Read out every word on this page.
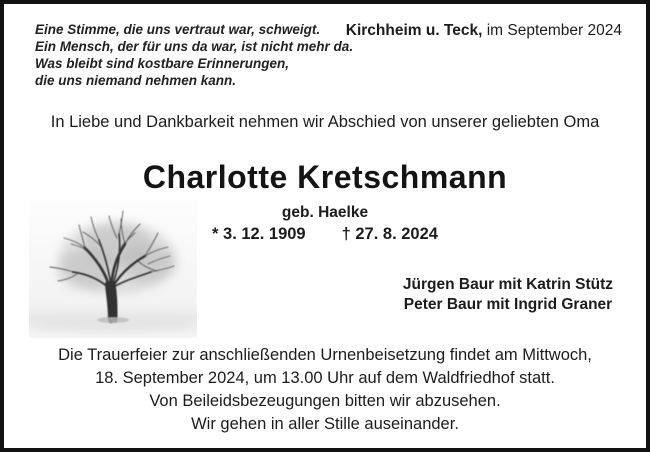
Eine Stimme, die uns vertraut war, schweigt.
Ein Mensch, der für uns da war, ist nicht mehr da.
Was bleibt sind kostbare Erinnerungen,
die uns niemand nehmen kann.
Kirchheim u. Teck, im September 2024
In Liebe und Dankbarkeit nehmen wir Abschied von unserer geliebten Oma
Charlotte Kretschmann
geb. Haelke
* 3. 12. 1909 † 27. 8. 2024
Jürgen Baur mit Katrin Stütz
Peter Baur mit Ingrid Graner
Die Trauerfeier zur anschließenden Urnenbeisetzung findet am Mittwoch,
18. September 2024, um 13.00 Uhr auf dem Waldfriedhof statt.
Von Beileidsbezeugungen bitten wir abzusehen.
Wir gehen in aller Stille auseinander.
